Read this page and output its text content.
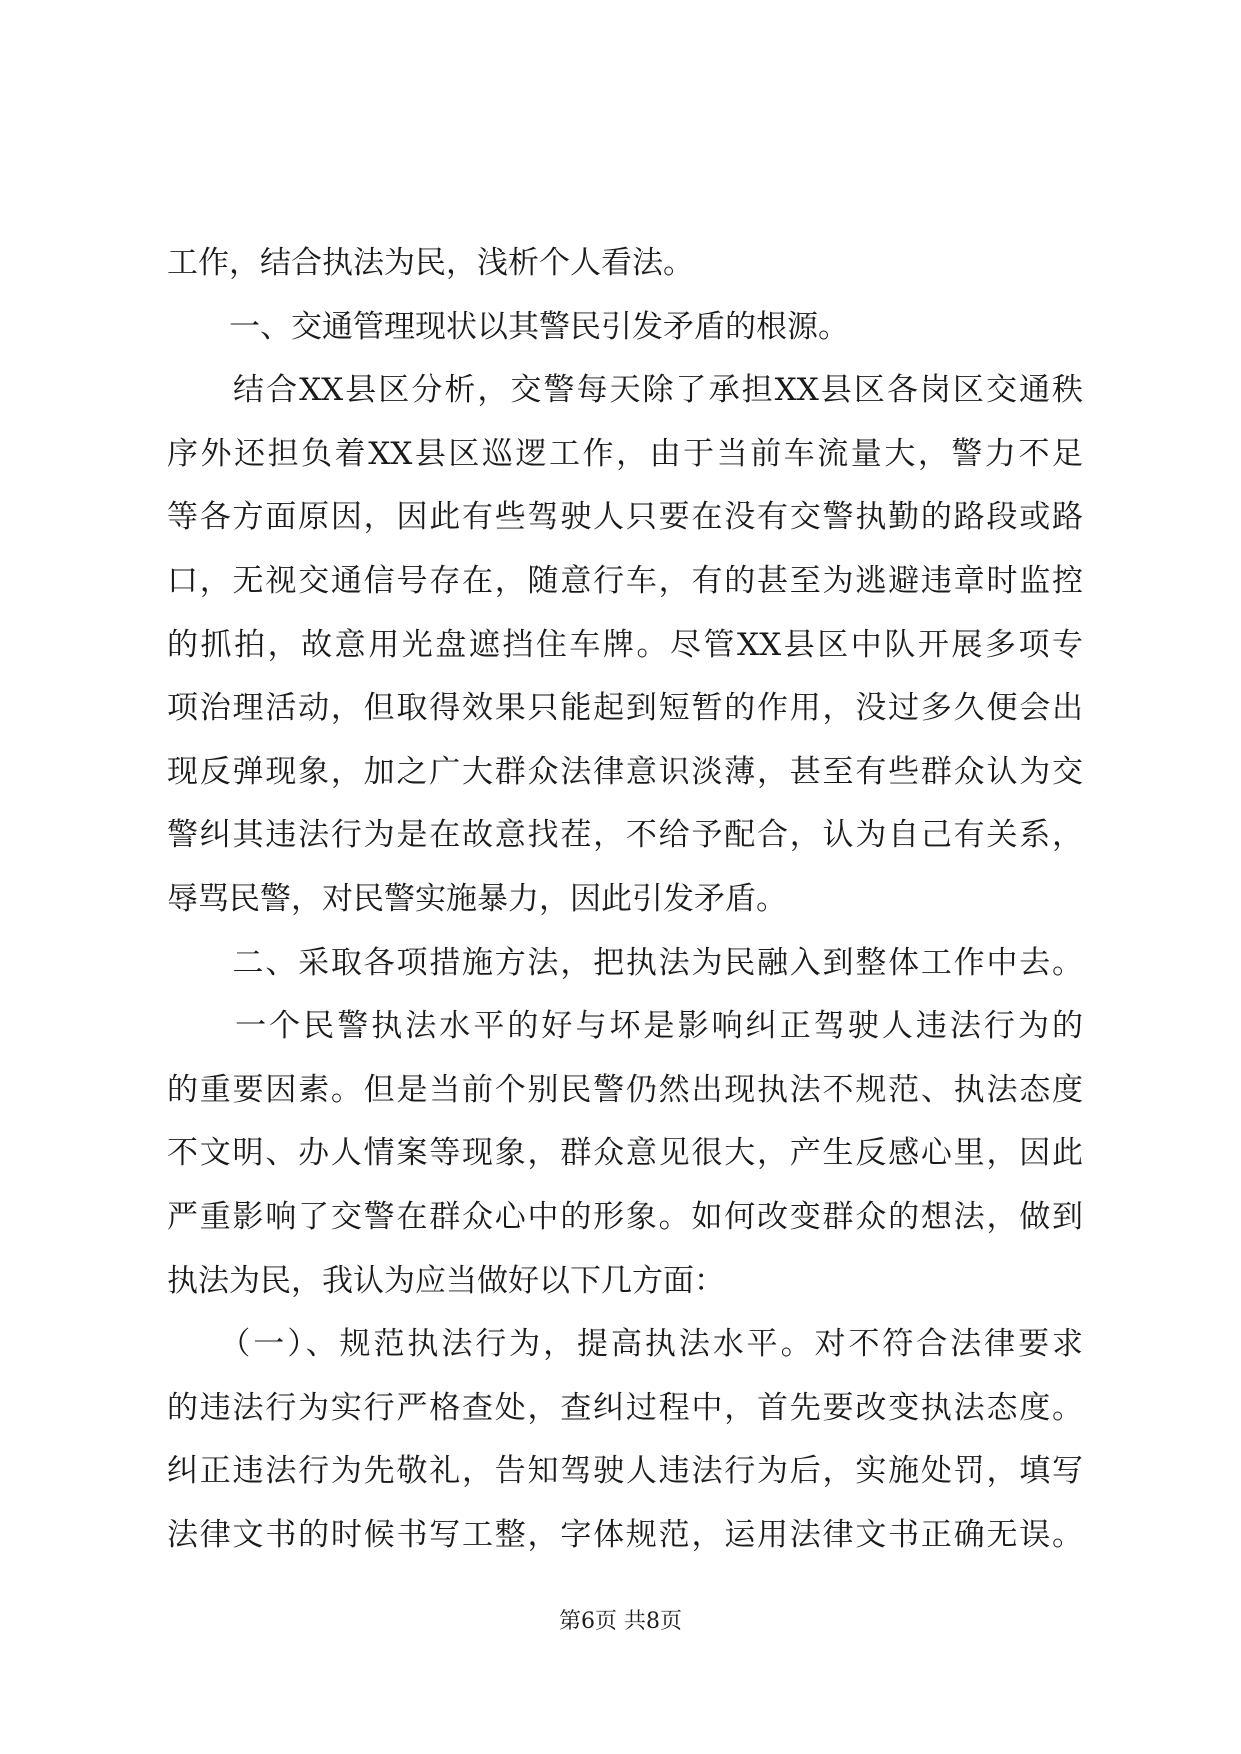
工作，结合执法为民，浅析个人看法。
　　一、交通管理现状以其警民引发矛盾的根源。
　　结合XX县区分析，交警每天除了承担XX县区各岗区交通秩
序外还担负着XX县区巡逻工作，由于当前车流量大，警力不足
等各方面原因，因此有些驾驶人只要在没有交警执勤的路段或路
口，无视交通信号存在，随意行车，有的甚至为逃避违章时监控
的抓拍，故意用光盘遮挡住车牌。尽管XX县区中队开展多项专
项治理活动，但取得效果只能起到短暂的作用，没过多久便会出
现反弹现象，加之广大群众法律意识淡薄，甚至有些群众认为交
警纠其违法行为是在故意找茬，不给予配合，认为自己有关系，
辱骂民警，对民警实施暴力，因此引发矛盾。
　　二、采取各项措施方法，把执法为民融入到整体工作中去。
　　一个民警执法水平的好与坏是影响纠正驾驶人违法行为的
的重要因素。但是当前个别民警仍然出现执法不规范、执法态度
不文明、办人情案等现象，群众意见很大，产生反感心里，因此
严重影响了交警在群众心中的形象。如何改变群众的想法，做到
执法为民，我认为应当做好以下几方面：
　　（一）、规范执法行为，提高执法水平。对不符合法律要求
的违法行为实行严格查处，查纠过程中，首先要改变执法态度。
纠正违法行为先敬礼，告知驾驶人违法行为后，实施处罚，填写
法律文书的时候书写工整，字体规范，运用法律文书正确无误。
第6页 共8页
